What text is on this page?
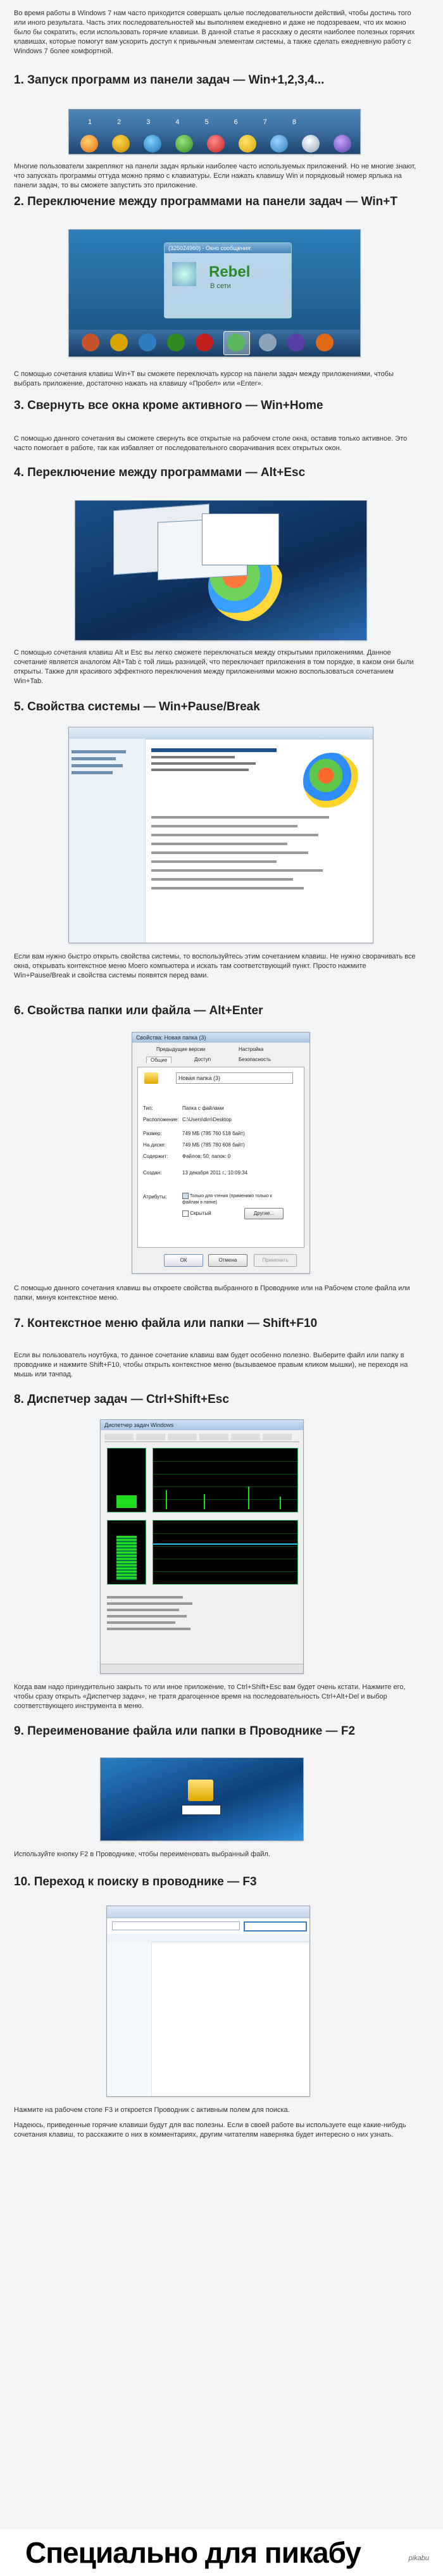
Во время работы в Windows 7 нам часто приходится совершать целые последовательности действий, чтобы достичь того или иного результата. Часть этих последовательностей мы выполняем ежедневно и даже не подозреваем, что их можно было бы сократить, если использовать горячие клавиши. В данной статье я расскажу о десяти наиболее полезных горячих клавишах, которые помогут вам ускорить доступ к привычным элементам системы, а также сделать ежедневную работу с Windows 7 более комфортной.

1. Запуск программ из панели задач — Win+1,2,3,4...
12345678

Многие пользователи закрепляют на панели задач ярлыки наиболее часто используемых приложений. Но не многие знают, что запускать программы оттуда можно прямо с клавиатуры. Если нажать клавишу Win и порядковый номер ярлыка на панели задач, то вы сможете запустить это приложение.

2. Переключение между программами на панели задач — Win+T
(325024960) - Окно сообщения:
Rebel
В сети

С помощью сочетания клавиш Win+T вы сможете переключать курсор на панели задач между приложениями, чтобы выбрать приложение, достаточно нажать на клавишу «Пробел» или «Enter».

3. Свернуть все окна кроме активного — Win+Home

С помощью данного сочетания вы сможете свернуть все открытые на рабочем столе окна, оставив только активное. Это часто помогает в работе, так как избавляет от последовательного сворачивания всех открытых окон.

4. Переключение между программами — Alt+Esc

С помощью сочетания клавиш Alt и Esc вы легко сможете переключаться между открытыми приложениями. Данное сочетание является аналогом Alt+Tab с той лишь разницей, что переключает приложения в том порядке, в каком они были открыты. Также для красивого эффектного переключения между приложениями можно воспользоваться сочетанием Win+Tab.

5. Свойства системы — Win+Pause/Break

Если вам нужно быстро открыть свойства системы, то воспользуйтесь этим сочетанием клавиш. Не нужно сворачивать все окна, открывать контекстное меню Моего компьютера и искать там соответствующий пункт. Просто нажмите Win+Pause/Break и свойства системы появятся перед вами.

6. Свойства папки или файла — Alt+Enter
Свойства: Новая папка (3)
Предыдущие версии	Настройка
Общие	Доступ	Безопасность
Новая папка (3)
Тип:	Папка с файлами
Расположение: C:\Users\dim\Desktop
Размер:	749 МБ (785 760 518 байт)
На диске:	749 МБ (785 780 608 байт)
Содержит:	Файлов: 50; папок: 0
Создан:	13 декабря 2011 г., 10:09:34
Атрибуты:	Только для чтения (применимо только к файлам в папке)
Скрытый	Другие...
ОК	Отмена	Применить

С помощью данного сочетания клавиш вы откроете свойства выбранного в Проводнике или на Рабочем столе файла или папки, минуя контекстное меню.

7. Контекстное меню файла или папки — Shift+F10

Если вы пользователь ноутбука, то данное сочетание клавиш вам будет особенно полезно. Выберите файл или папку в проводнике и нажмите Shift+F10, чтобы открыть контекстное меню (вызываемое правым кликом мышки), не переходя на мышь или тачпад.

8. Диспетчер задач — Ctrl+Shift+Esc
Диспетчер задач Windows

Когда вам надо принудительно закрыть то или иное приложение, то Ctrl+Shift+Esc вам будет очень кстати. Нажмите его, чтобы сразу открыть «Диспетчер задач», не тратя драгоценное время на последовательность Ctrl+Alt+Del и выбор соответствующего инструмента в меню.

9. Переименование файла или папки в Проводнике — F2

Используйте кнопку F2 в Проводнике, чтобы переименовать выбранный файл.

10. Переход к поиску в проводнике — F3

Нажмите на рабочем столе F3 и откроется Проводник с активным полем для поиска.

Надеюсь, приведенные горячие клавиши будут для вас полезны. Если в своей работе вы используете еще какие-нибудь сочетания клавиш, то расскажите о них в комментариях, другим читателям наверняка будет интересно о них узнать.

Специально для пикабу	pikabu
